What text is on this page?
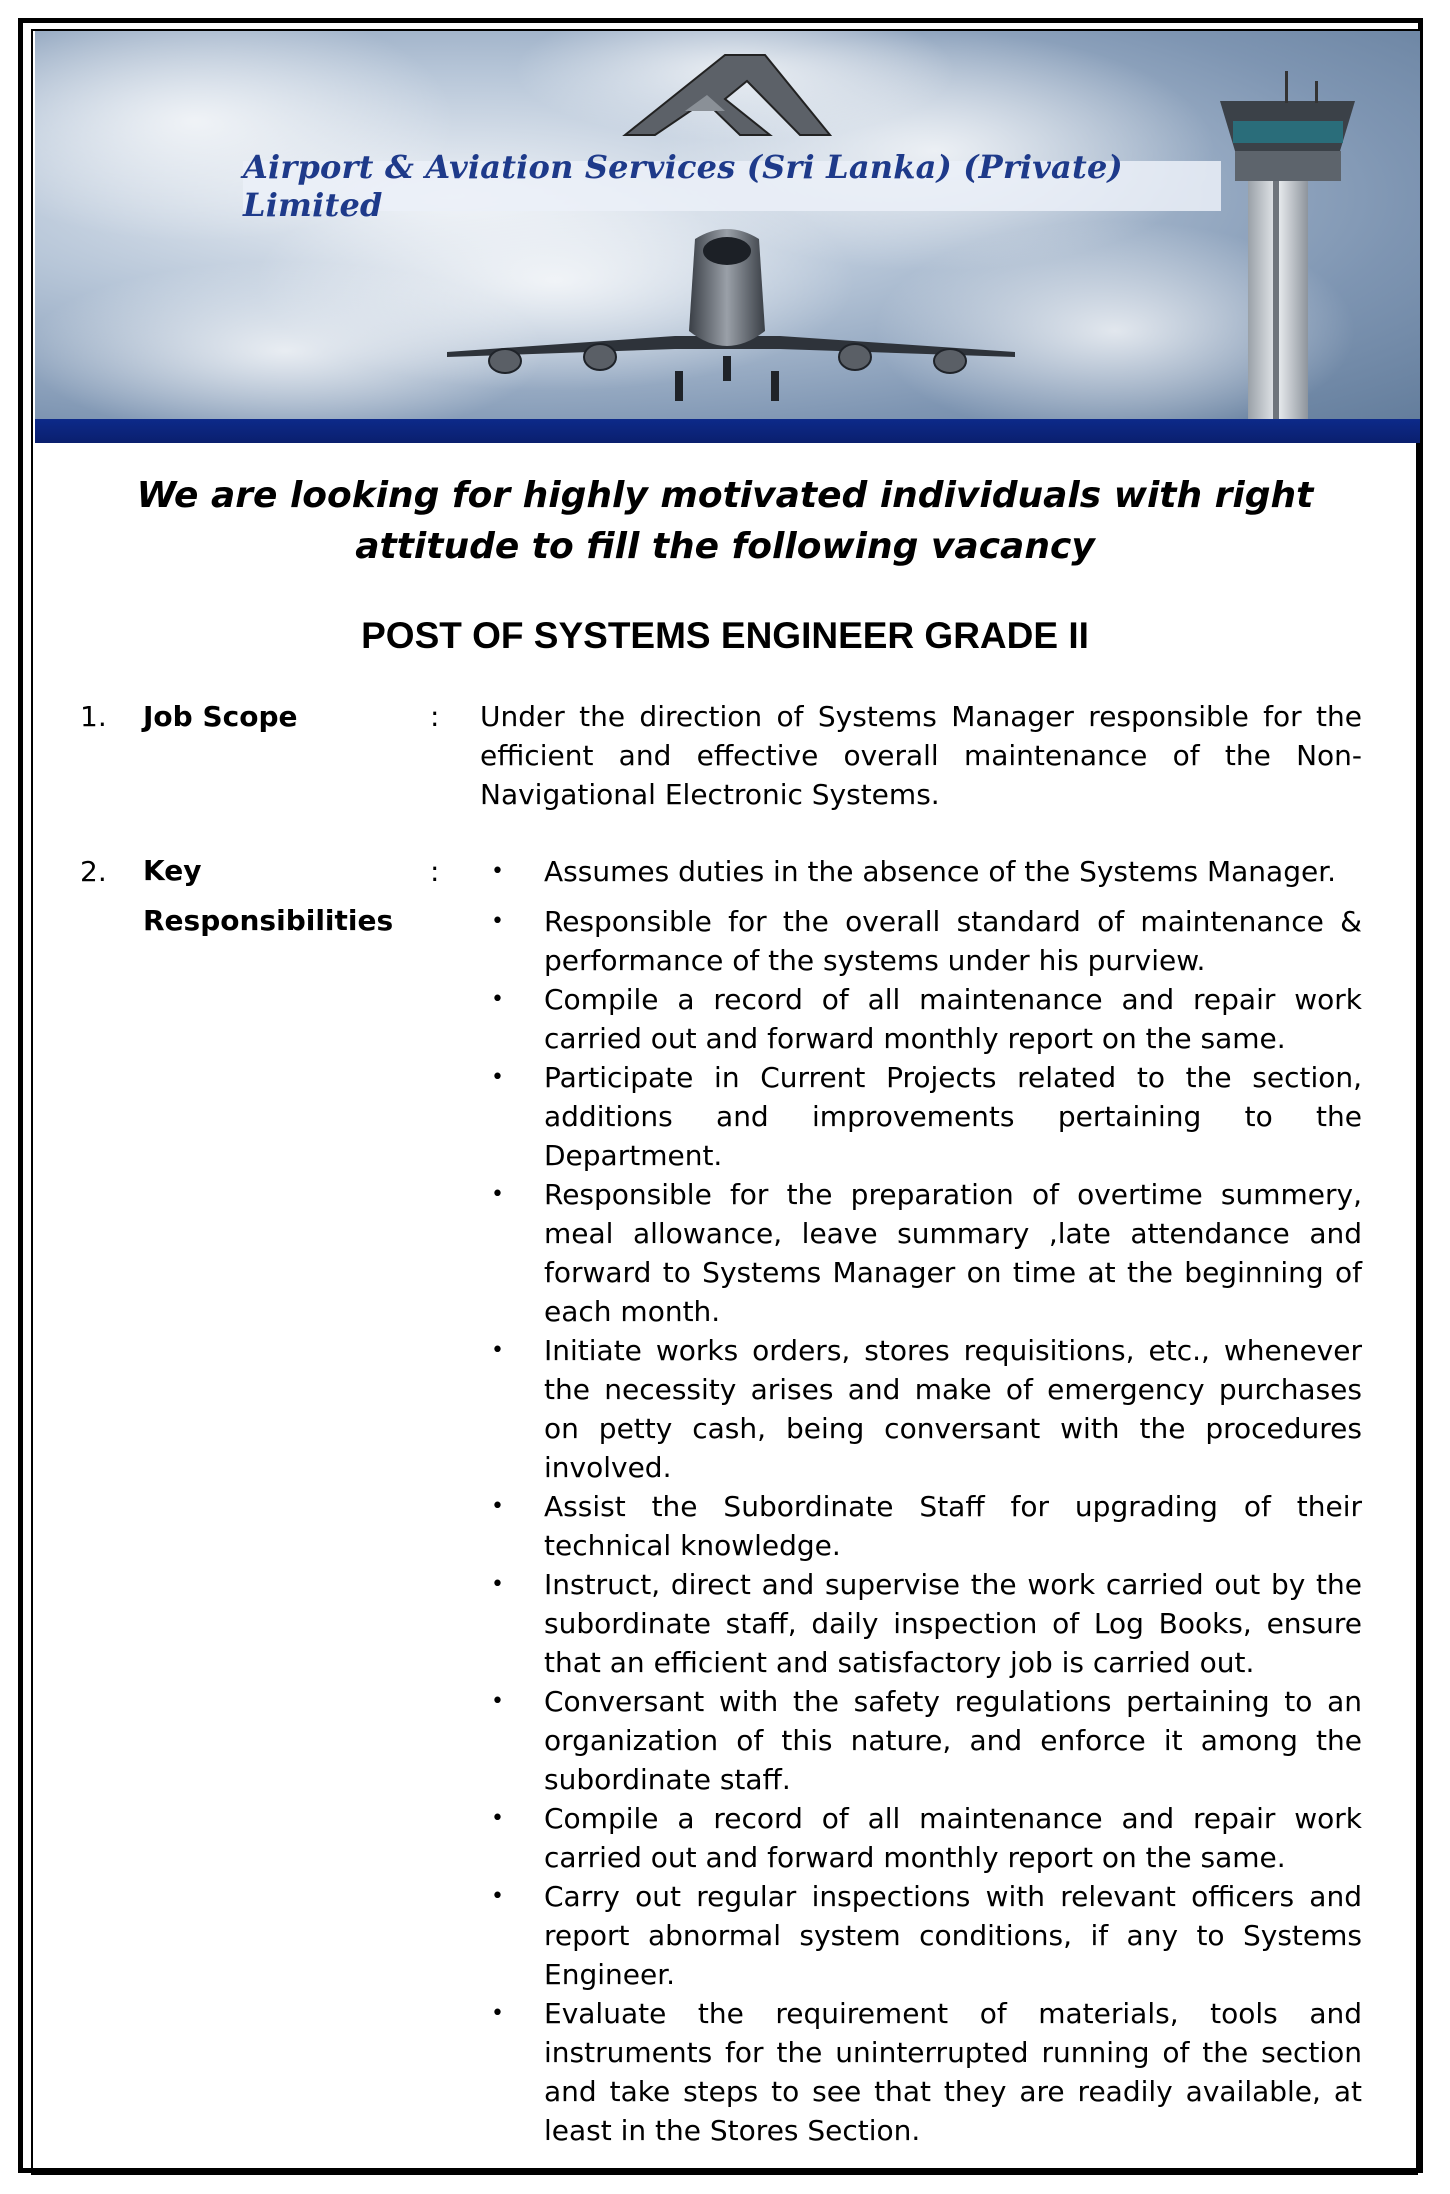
Airport & Aviation Services (Sri Lanka) (Private) Limited
We are looking for highly motivated individuals with right
attitude to fill the following vacancy
POST OF SYSTEMS ENGINEER GRADE II
1. Job Scope	: Under the direction of Systems Manager responsible for the efficient and effective overall maintenance of the Non-Navigational Electronic Systems.
2. Key
Responsibilities
: • Assumes duties in the absence of the Systems Manager.
• Responsible for the overall standard of maintenance & performance of the systems under his purview.
• Compile a record of all maintenance and repair work carried out and forward monthly report on the same.
• Participate in Current Projects related to the section, additions and improvements pertaining to the Department.
• Responsible for the preparation of overtime summery, meal allowance, leave summary ,late attendance and forward to Systems Manager on time at the beginning of each month.
• Initiate works orders, stores requisitions, etc., whenever the necessity arises and make of emergency purchases on petty cash, being conversant with the procedures involved.
• Assist the Subordinate Staff for upgrading of their technical knowledge.
• Instruct, direct and supervise the work carried out by the subordinate staff, daily inspection of Log Books, ensure that an efficient and satisfactory job is carried out.
• Conversant with the safety regulations pertaining to an organization of this nature, and enforce it among the subordinate staff.
• Compile a record of all maintenance and repair work carried out and forward monthly report on the same.
• Carry out regular inspections with relevant officers and report abnormal system conditions, if any to Systems Engineer.
• Evaluate the requirement of materials, tools and instruments for the uninterrupted running of the section and take steps to see that they are readily available, at least in the Stores Section.
